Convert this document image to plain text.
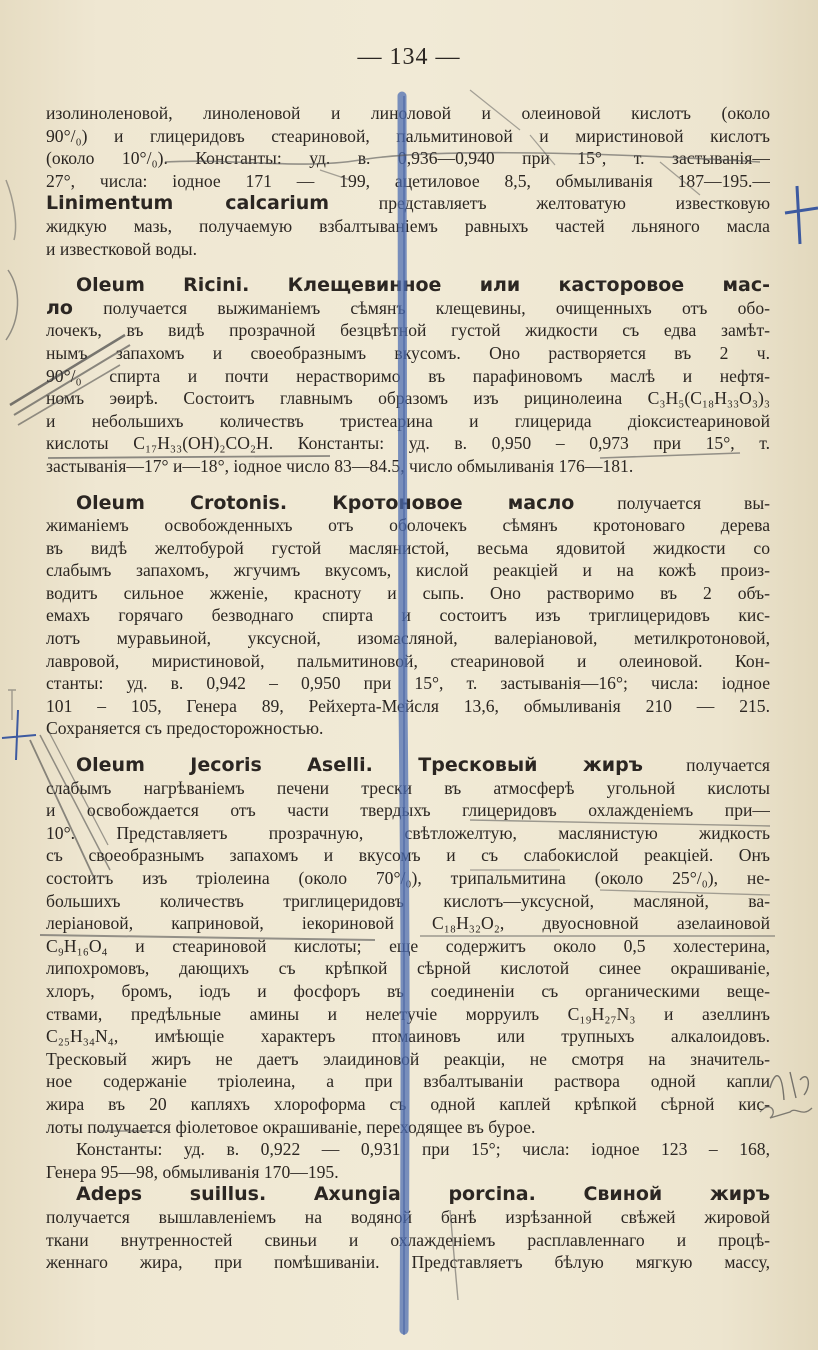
— 134 —
изолиноленовой, линоленовой и линоловой и олеиновой кислотъ (около
90°/₀) и глицеридовъ стеариновой, пальмитиновой и миристиновой кислотъ
(около 10°/₀). Константы: уд. в. 0,936—0,940 при 15°, т. застыванія—
27°, числа: іодное 171 — 199, ацетиловое 8,5, обмыливанія 187—195.—
Linimentum calcarium представляетъ желтоватую известковую
жидкую мазь, получаемую взбалтываніемъ равныхъ частей льняного масла
и известковой воды.
Oleum Ricini. Клещевинное или касторовое мас-
ло получается выжиманіемъ сѣмянъ клещевины, очищенныхъ отъ обо-
лочекъ, въ видѣ прозрачной безцвѣтной густой жидкости съ едва замѣт-
нымъ запахомъ и своеобразнымъ вкусомъ. Оно растворяется въ 2 ч.
90°/₀ спирта и почти нерастворимо въ парафиновомъ маслѣ и нефтя-
номъ эѳирѣ. Состоитъ главнымъ образомъ изъ рицинолеина C₃H₅(C₁₈H₃₃O₃)₃
и небольшихъ количествъ тристеарина и глицерида діоксистеариновой
кислоты C₁₇H₃₃(OH)₂CO₂H. Константы: уд. в. 0,950 – 0,973 при 15°, т.
застыванія—17° и—18°, іодное число 83—84.5, число обмыливанія 176—181.
Oleum Crotonis. Кротоновое масло получается вы-
жиманіемъ освобожденныхъ отъ оболочекъ сѣмянъ кротоноваго дерева
въ видѣ желтобурой густой маслянистой, весьма ядовитой жидкости со
слабымъ запахомъ, жгучимъ вкусомъ, кислой реакціей и на кожѣ произ-
водитъ сильное жженіе, красноту и сыпь. Оно растворимо въ 2 объ-
емахъ горячаго безводнаго спирта и состоитъ изъ триглицеридовъ кис-
лотъ муравьиной, уксусной, изомасляной, валеріановой, метилкротоновой,
лавровой, миристиновой, пальмитиновой, стеариновой и олеиновой. Кон-
станты: уд. в. 0,942 – 0,950 при 15°, т. застыванія—16°; числа: іодное
101 – 105, Генера 89, Рейхерта-Мейсля 13,6, обмыливанія 210 — 215.
Сохраняется съ предосторожностью.
Oleum Jecoris Aselli. Тресковый жиръ получается
слабымъ нагрѣваніемъ печени трески въ атмосферѣ угольной кислоты
и освобождается отъ части твердыхъ глицеридовъ охлажденіемъ при—
10°. Представляетъ прозрачную, свѣтложелтую, маслянистую жидкость
съ своеобразнымъ запахомъ и вкусомъ и съ слабокислой реакціей. Онъ
состоитъ изъ тріолеина (около 70°/₀), трипальмитина (около 25°/₀), не-
большихъ количествъ триглицеридовъ кислотъ—уксусной, масляной, ва-
леріановой, каприновой, іекориновой C₁₈H₃₂O₂, двуосновной азелаиновой
C₉H₁₆O₄ и стеариновой кислоты; еще содержитъ около 0,5 холестерина,
липохромовъ, дающихъ съ крѣпкой сѣрной кислотой синее окрашиваніе,
хлоръ, бромъ, іодъ и фосфоръ въ соединеніи съ органическими веще-
ствами, предѣльные амины и нелетучіе морруилъ C₁₉H₂₇N₃ и азеллинъ
C₂₅H₃₄N₄, имѣющіе характеръ птомаиновъ или трупныхъ алкалоидовъ.
Тресковый жиръ не даетъ элаидиновой реакціи, не смотря на значитель-
ное содержаніе тріолеина, а при взбалтываніи раствора одной капли
жира въ 20 капляхъ хлороформа съ одной каплей крѣпкой сѣрной кис-
лоты получается фіолетовое окрашиваніе, переходящее въ бурое.
Константы: уд. в. 0,922 — 0,931 при 15°; числа: іодное 123 – 168,
Генера 95—98, обмыливанія 170—195.
Adeps suillus. Axungia porcina. Свиной жиръ
получается вышлавленіемъ на водяной банѣ изрѣзанной свѣжей жировой
ткани внутренностей свиньи и охлажденіемъ расплавленнаго и процѣ-
женнаго жира, при помѣшиваніи. Представляетъ бѣлую мягкую массу,
